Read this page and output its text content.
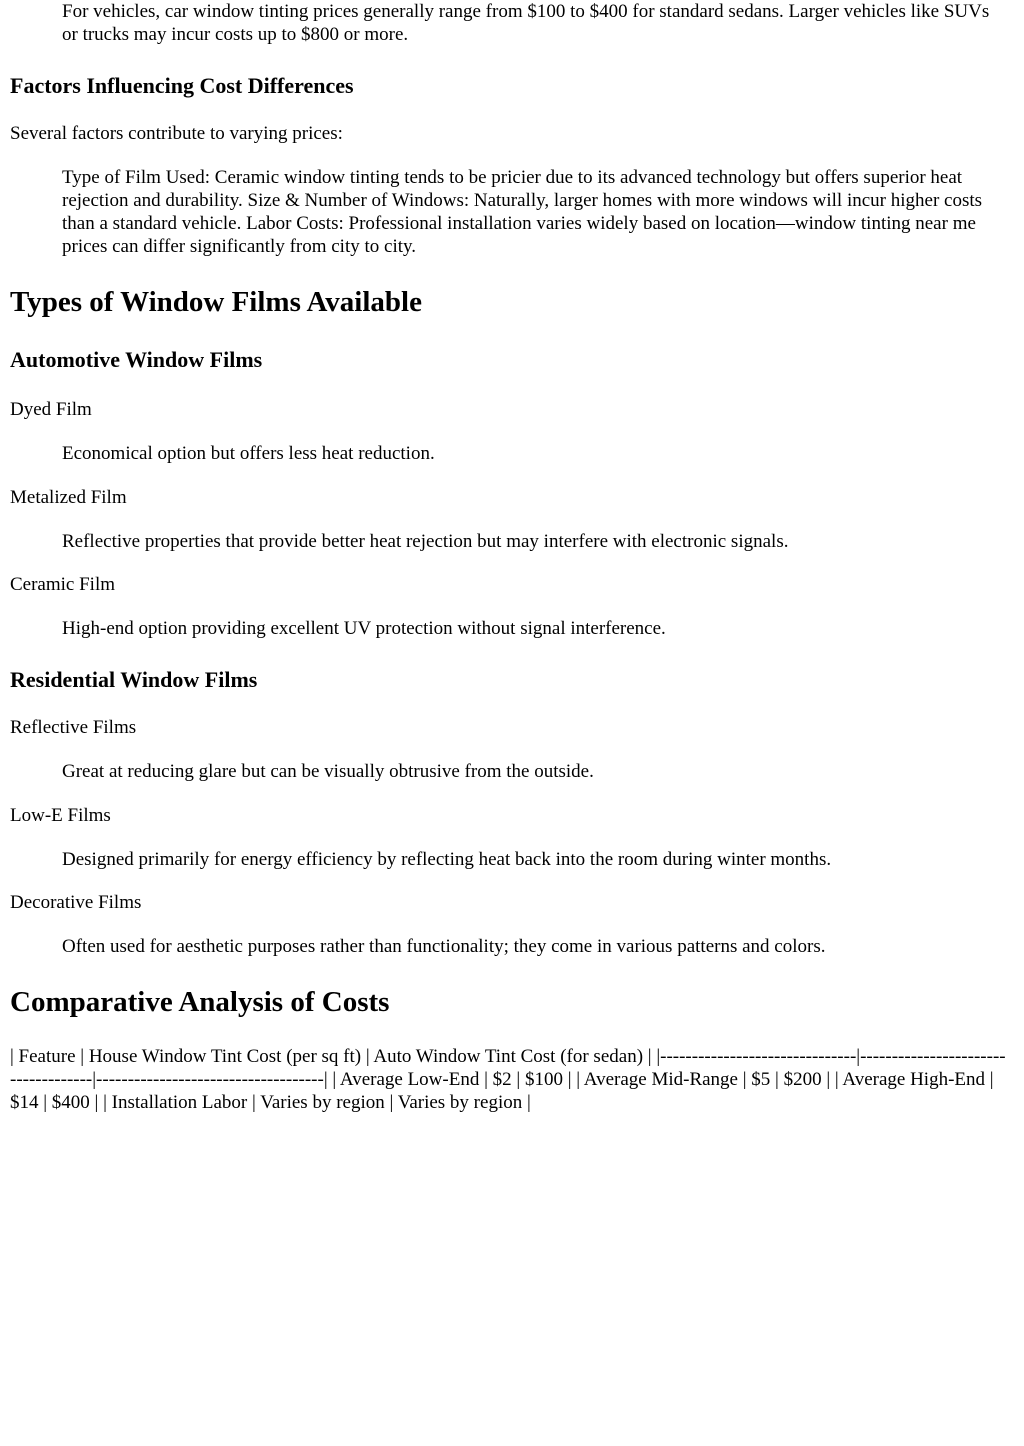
For vehicles, car window tinting prices generally range from $100 to $400 for standard sedans. Larger vehicles like SUVs or trucks may incur costs up to $800 or more.

Factors Influencing Cost Differences

Several factors contribute to varying prices:

Type of Film Used: Ceramic window tinting tends to be pricier due to its advanced technology but offers superior heat rejection and durability. Size & Number of Windows: Naturally, larger homes with more windows will incur higher costs than a standard vehicle. Labor Costs: Professional installation varies widely based on location—window tinting near me prices can differ significantly from city to city.

Types of Window Films Available
Automotive Window Films

Dyed Film

Economical option but offers less heat reduction.

Metalized Film

Reflective properties that provide better heat rejection but may interfere with electronic signals.

Ceramic Film

High-end option providing excellent UV protection without signal interference.

Residential Window Films

Reflective Films

Great at reducing glare but can be visually obtrusive from the outside.

Low-E Films

Designed primarily for energy efficiency by reflecting heat back into the room during winter months.

Decorative Films

Often used for aesthetic purposes rather than functionality; they come in various patterns and colors.

Comparative Analysis of Costs

| Feature | House Window Tint Cost (per sq ft) | Auto Window Tint Cost (for sedan) | |-------------------------------|------------------------------------|------------------------------------| | Average Low-End | $2 | $100 | | Average Mid-Range | $5 | $200 | | Average High-End | $14 | $400 | | Installation Labor | Varies by region | Varies by region |
